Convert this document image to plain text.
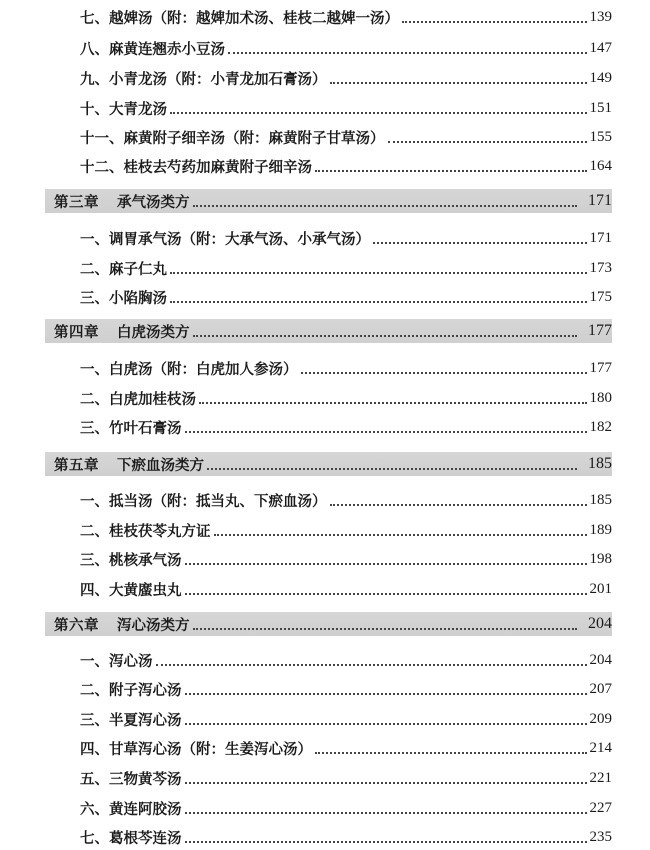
七、越婢汤（附：越婢加术汤、桂枝二越婢一汤）	139
八、麻黄连翘赤小豆汤	147
九、小青龙汤（附：小青龙加石膏汤）	149
十、大青龙汤	151
十一、麻黄附子细辛汤（附：麻黄附子甘草汤）	155
十二、桂枝去芍药加麻黄附子细辛汤	164
第三章 承气汤类方	171
一、调胃承气汤（附：大承气汤、小承气汤）	171
二、麻子仁丸	173
三、小陷胸汤	175
第四章 白虎汤类方	177
一、白虎汤（附：白虎加人参汤）	177
二、白虎加桂枝汤	180
三、竹叶石膏汤	182
第五章 下瘀血汤类方	185
一、抵当汤（附：抵当丸、下瘀血汤）	185
二、桂枝茯苓丸方证	189
三、桃核承气汤	198
四、大黄䗪虫丸	201
第六章 泻心汤类方	204
一、泻心汤	204
二、附子泻心汤	207
三、半夏泻心汤	209
四、甘草泻心汤（附：生姜泻心汤）	214
五、三物黄芩汤	221
六、黄连阿胶汤	227
七、葛根芩连汤	235
